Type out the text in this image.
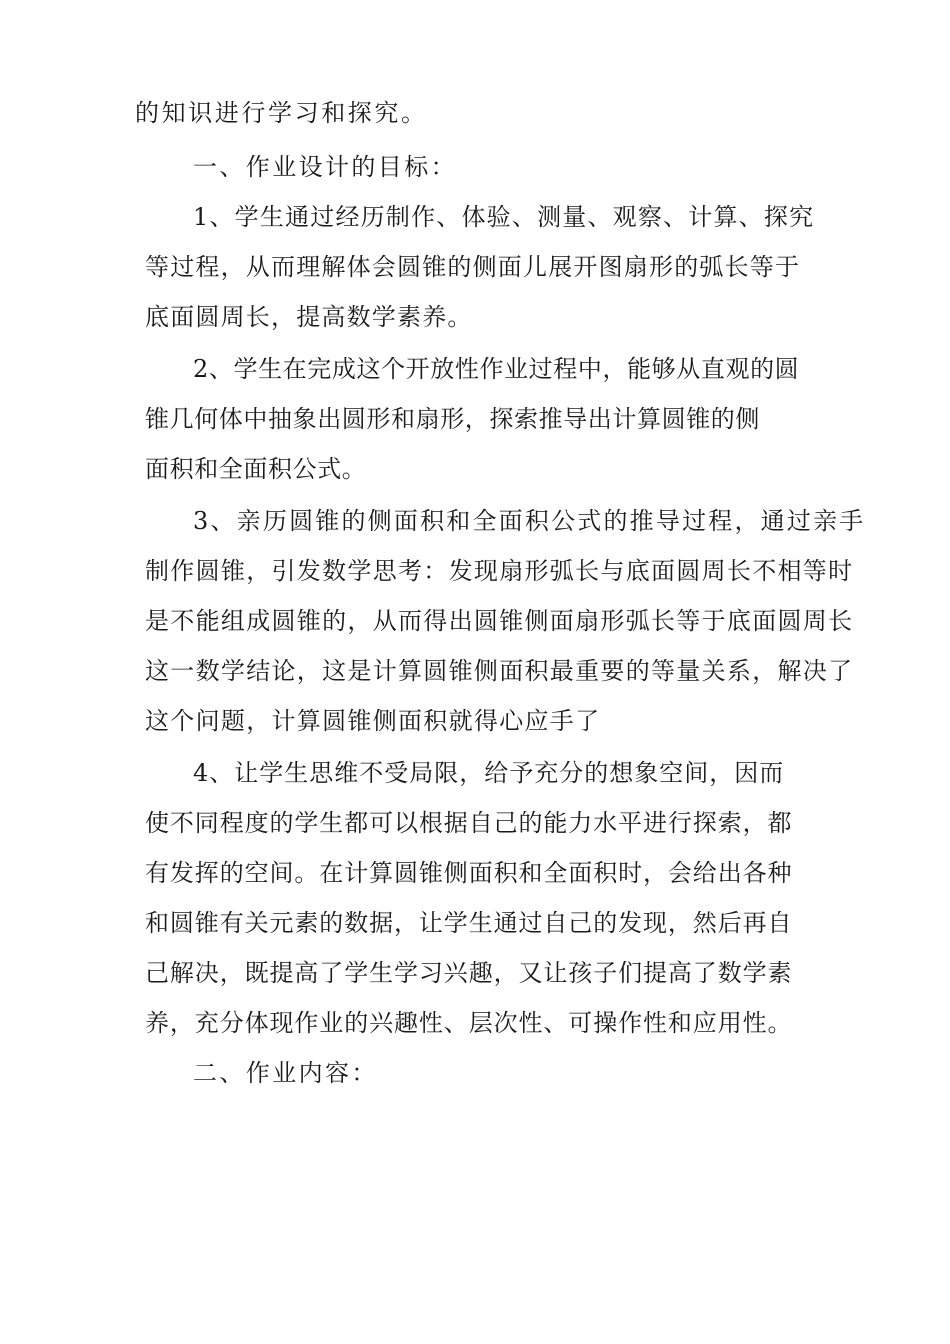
的知识进行学习和探究。
一、作业设计的目标：
1、学生通过经历制作、体验、测量、观察、计算、探究
等过程，从而理解体会圆锥的侧面儿展开图扇形的弧长等于
底面圆周长，提高数学素养。
2、学生在完成这个开放性作业过程中，能够从直观的圆
锥几何体中抽象出圆形和扇形，探索推导出计算圆锥的侧
面积和全面积公式。
3、亲历圆锥的侧面积和全面积公式的推导过程，通过亲手
制作圆锥，引发数学思考：发现扇形弧长与底面圆周长不相等时
是不能组成圆锥的，从而得出圆锥侧面扇形弧长等于底面圆周长
这一数学结论，这是计算圆锥侧面积最重要的等量关系，解决了
这个问题，计算圆锥侧面积就得心应手了
4、让学生思维不受局限，给予充分的想象空间，因而
使不同程度的学生都可以根据自己的能力水平进行探索，都
有发挥的空间。在计算圆锥侧面积和全面积时，会给出各种
和圆锥有关元素的数据，让学生通过自己的发现，然后再自
己解决，既提高了学生学习兴趣，又让孩子们提高了数学素
养，充分体现作业的兴趣性、层次性、可操作性和应用性。
二、作业内容：
